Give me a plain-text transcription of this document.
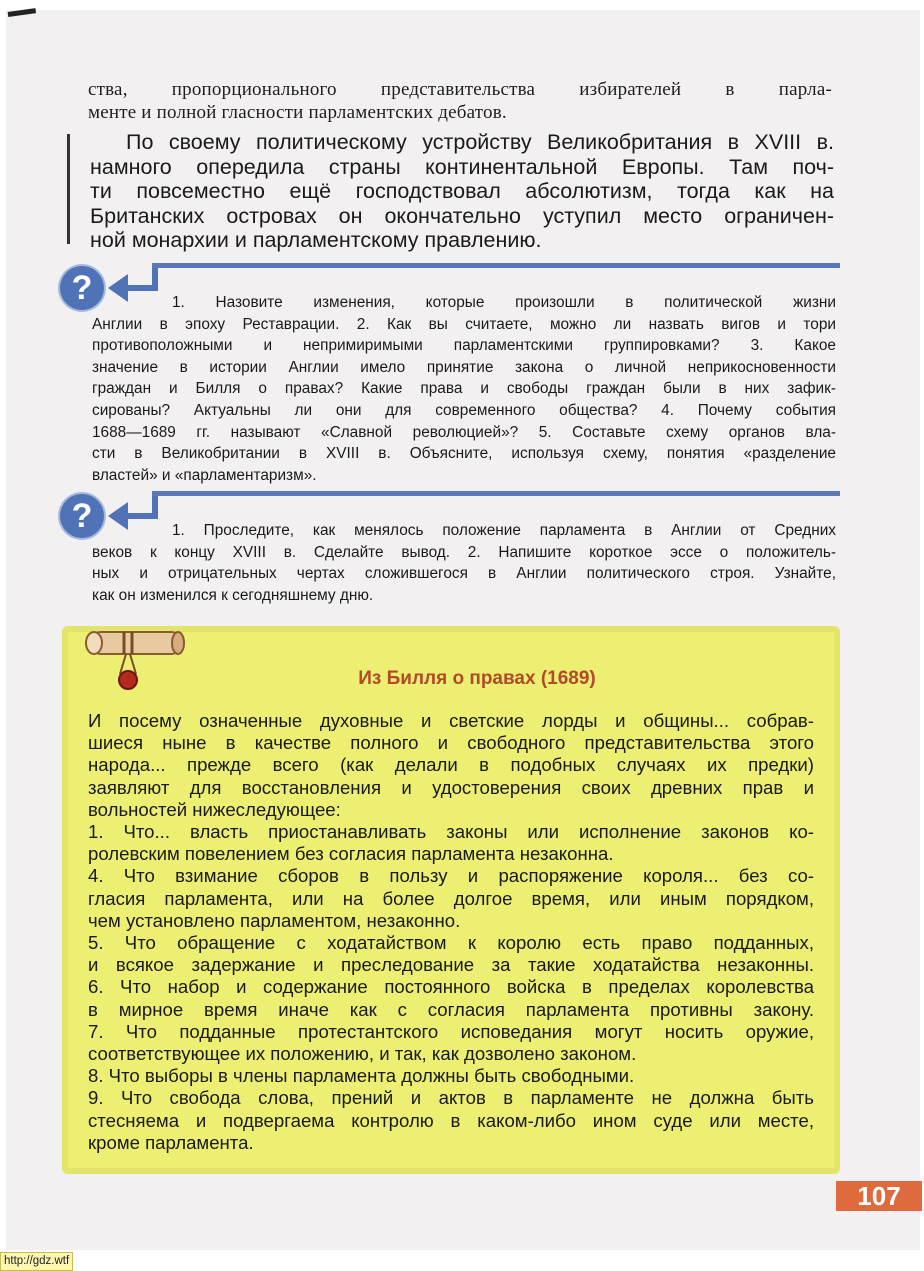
ства, пропорционального представительства избирателей в парла-
менте и полной гласности парламентских дебатов.
По своему политическому устройству Великобритания в XVIII в.
намного опередила страны континентальной Европы. Там поч-
ти повсеместно ещё господствовал абсолютизм, тогда как на
Британских островах он окончательно уступил место ограничен-
ной монархии и парламентскому правлению.
?	1. Назовите изменения, которые произошли в политической жизни
Англии в эпоху Реставрации. 2. Как вы считаете, можно ли назвать вигов и тори
противоположными и непримиримыми парламентскими группировками? 3. Какое
значение в истории Англии имело принятие закона о личной неприкосновенности
граждан и Билля о правах? Какие права и свободы граждан были в них зафик-
сированы? Актуальны ли они для современного общества? 4. Почему события
1688—1689 гг. называют «Славной революцией»? 5. Составьте схему органов вла-
сти в Великобритании в XVIII в. Объясните, используя схему, понятия «разделение
властей» и «парламентаризм».
?	1. Проследите, как менялось положение парламента в Англии от Средних
веков к концу XVIII в. Сделайте вывод. 2. Напишите короткое эссе о положитель-
ных и отрицательных чертах сложившегося в Англии политического строя. Узнайте,
как он изменился к сегодняшнему дню.
Из Билля о правах (1689)
И посему означенные духовные и светские лорды и общины... собрав-
шиеся ныне в качестве полного и свободного представительства этого
народа... прежде всего (как делали в подобных случаях их предки)
заявляют для восстановления и удостоверения своих древних прав и
вольностей нижеследующее:
1. Что... власть приостанавливать законы или исполнение законов ко-
ролевским повелением без согласия парламента незаконна.
4. Что взимание сборов в пользу и распоряжение короля... без со-
гласия парламента, или на более долгое время, или иным порядком,
чем установлено парламентом, незаконно.
5. Что обращение с ходатайством к королю есть право подданных,
и всякое задержание и преследование за такие ходатайства незаконны.
6. Что набор и содержание постоянного войска в пределах королевства
в мирное время иначе как с согласия парламента противны закону.
7. Что подданные протестантского исповедания могут носить оружие,
соответствующее их положению, и так, как дозволено законом.
8. Что выборы в члены парламента должны быть свободными.
9. Что свобода слова, прений и актов в парламенте не должна быть
стесняема и подвергаема контролю в каком-либо ином суде или месте,
кроме парламента.
107
http://gdz.wtf
